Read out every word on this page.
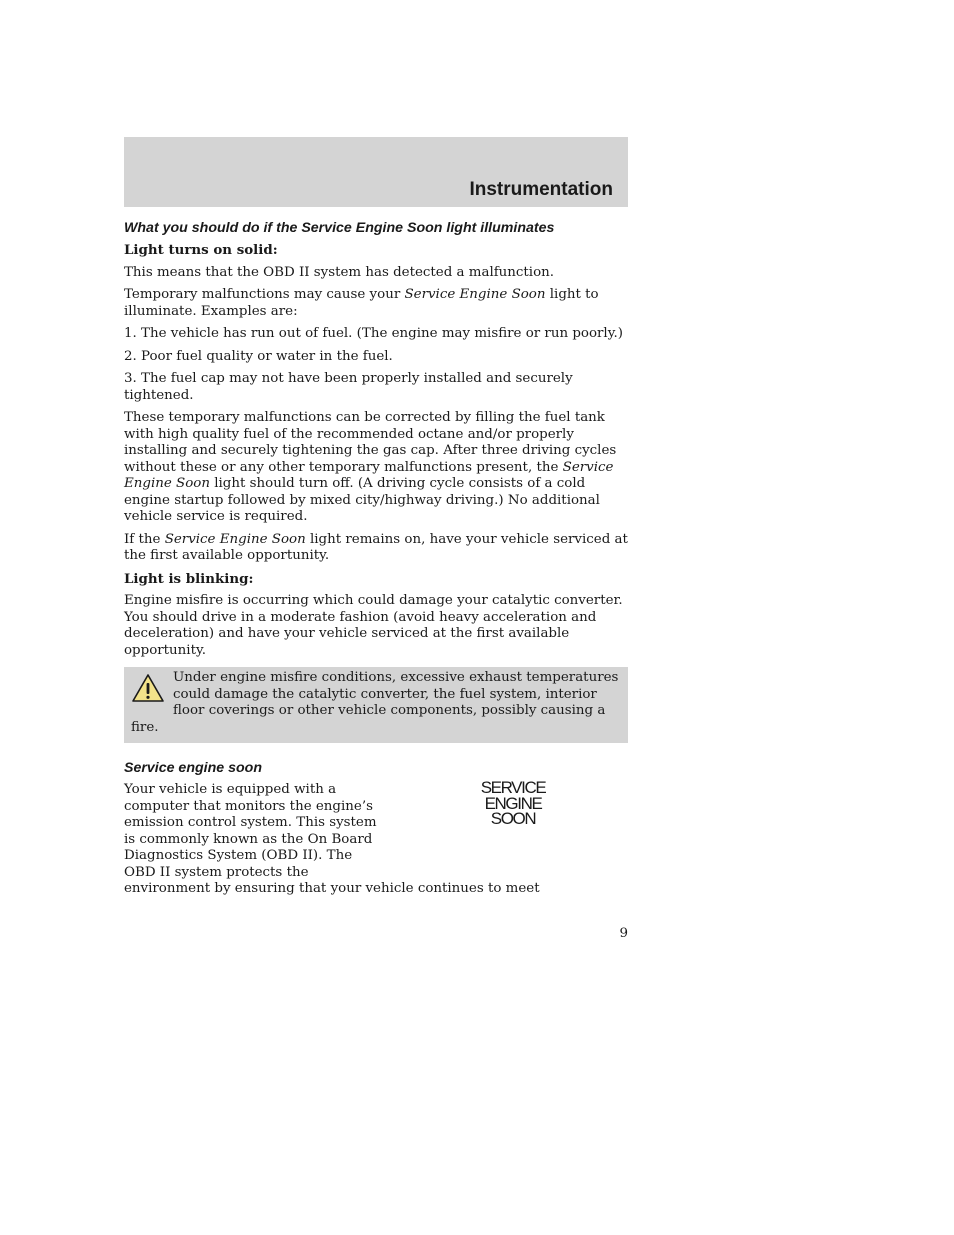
Instrumentation
What you should do if the Service Engine Soon light illuminates
Light turns on solid:

This means that the OBD II system has detected a malfunction.

Temporary malfunctions may cause your Service Engine Soon light to illuminate. Examples are:

1. The vehicle has run out of fuel. (The engine may misfire or run poorly.)

2. Poor fuel quality or water in the fuel.

3. The fuel cap may not have been properly installed and securely tightened.

These temporary malfunctions can be corrected by filling the fuel tank with high quality fuel of the recommended octane and/or properly installing and securely tightening the gas cap. After three driving cycles without these or any other temporary malfunctions present, the Service Engine Soon light should turn off. (A driving cycle consists of a cold engine startup followed by mixed city/highway driving.) No additional vehicle service is required.

If the Service Engine Soon light remains on, have your vehicle serviced at the first available opportunity.

Light is blinking:

Engine misfire is occurring which could damage your catalytic converter. You should drive in a moderate fashion (avoid heavy acceleration and deceleration) and have your vehicle serviced at the first available opportunity.

Under engine misfire conditions, excessive exhaust temperatures could damage the catalytic converter, the fuel system, interior floor coverings or other vehicle components, possibly causing a fire.
Service engine soon
Your vehicle is equipped with a computer that monitors the engine’s emission control system. This system is commonly known as the On Board Diagnostics System (OBD II). The OBD II system protects the
environment by ensuring that your vehicle continues to meet
SERVICE
ENGINE
SOON
9
